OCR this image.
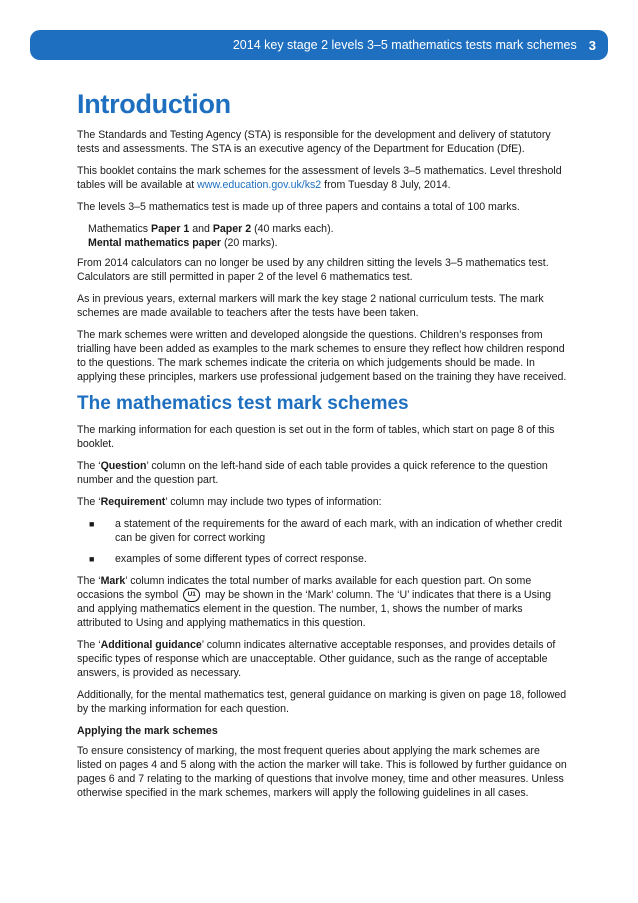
2014 key stage 2 levels 3–5 mathematics tests mark schemes 3
Introduction

The Standards and Testing Agency (STA) is responsible for the development and delivery of statutory tests and assessments. The STA is an executive agency of the Department for Education (DfE).

This booklet contains the mark schemes for the assessment of levels 3–5 mathematics. Level threshold tables will be available at www.education.gov.uk/ks2 from Tuesday 8 July, 2014.

The levels 3–5 mathematics test is made up of three papers and contains a total of 100 marks.

Mathematics Paper 1 and Paper 2 (40 marks each).
Mental mathematics paper (20 marks).

From 2014 calculators can no longer be used by any children sitting the levels 3–5 mathematics test. Calculators are still permitted in paper 2 of the level 6 mathematics test.

As in previous years, external markers will mark the key stage 2 national curriculum tests. The mark schemes are made available to teachers after the tests have been taken.

The mark schemes were written and developed alongside the questions. Children’s responses from trialling have been added as examples to the mark schemes to ensure they reflect how children respond to the questions. The mark schemes indicate the criteria on which judgements should be made. In applying these principles, markers use professional judgement based on the training they have received.

The mathematics test mark schemes

The marking information for each question is set out in the form of tables, which start on page 8 of this booklet.

The ‘Question’ column on the left-hand side of each table provides a quick reference to the question number and the question part.

The ‘Requirement’ column may include two types of information:

■	a statement of the requirements for the award of each mark, with an indication of whether credit can be given for correct working
■	examples of some different types of correct response.

The ‘Mark’ column indicates the total number of marks available for each question part. On some occasions the symbol U1 may be shown in the ‘Mark’ column. The ‘U’ indicates that there is a Using and applying mathematics element in the question. The number, 1, shows the number of marks attributed to Using and applying mathematics in this question.

The ‘Additional guidance’ column indicates alternative acceptable responses, and provides details of specific types of response which are unacceptable. Other guidance, such as the range of acceptable answers, is provided as necessary.

Additionally, for the mental mathematics test, general guidance on marking is given on page 18, followed by the marking information for each question.

Applying the mark schemes

To ensure consistency of marking, the most frequent queries about applying the mark schemes are listed on pages 4 and 5 along with the action the marker will take. This is followed by further guidance on pages 6 and 7 relating to the marking of questions that involve money, time and other measures. Unless otherwise specified in the mark schemes, markers will apply the following guidelines in all cases.
